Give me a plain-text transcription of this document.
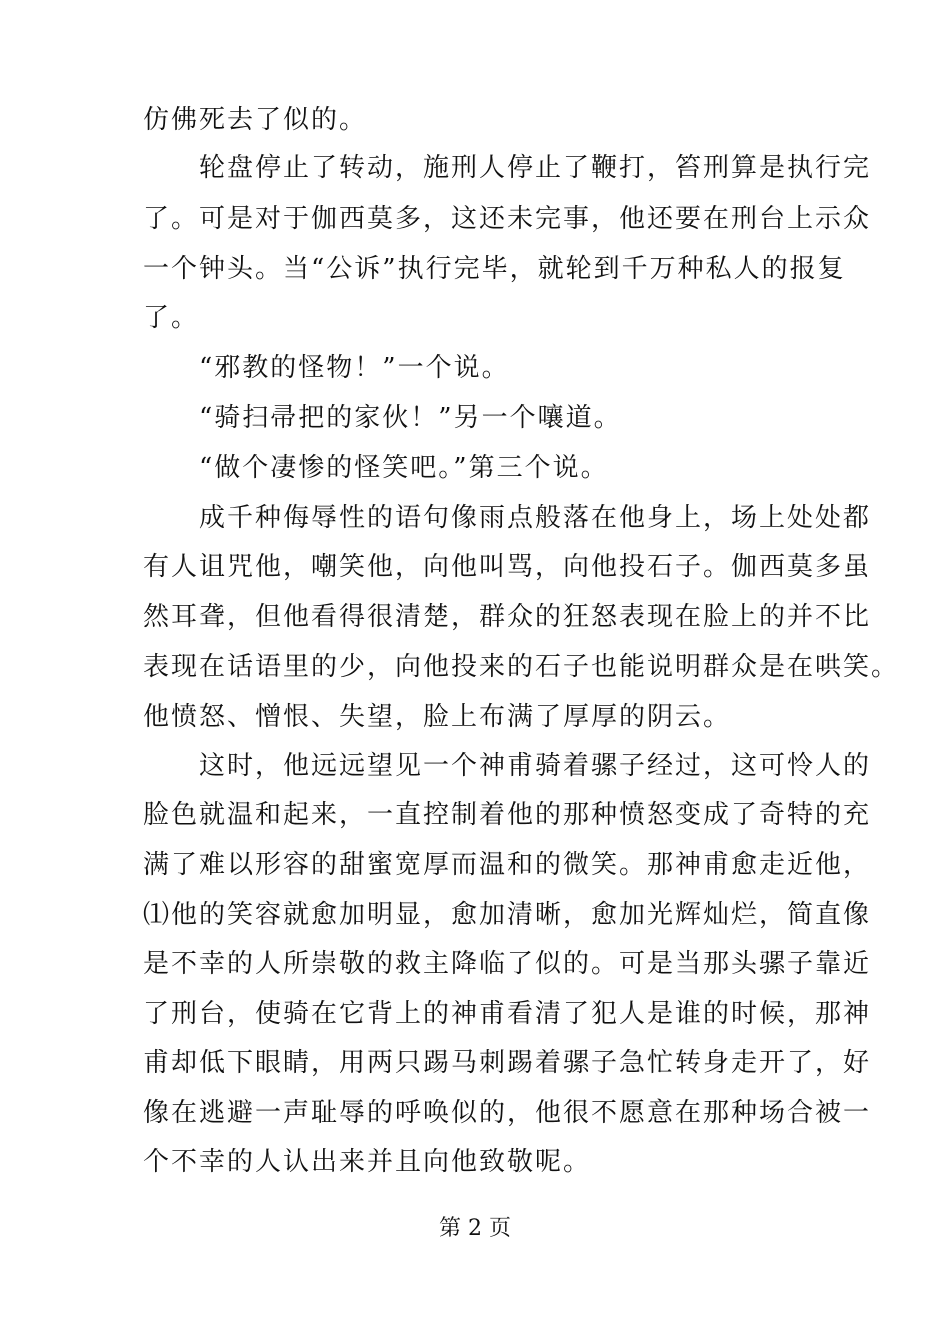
仿佛死去了似的。
　　轮盘停止了转动，施刑人停止了鞭打，笞刑算是执行完
了。可是对于伽西莫多，这还未完事，他还要在刑台上示众
一个钟头。当“公诉”执行完毕，就轮到千万种私人的报复
了。
　　“邪教的怪物！”一个说。
　　“骑扫帚把的家伙！”另一个嚷道。
　　“做个凄惨的怪笑吧。”第三个说。
　　成千种侮辱性的语句像雨点般落在他身上，场上处处都
有人诅咒他，嘲笑他，向他叫骂，向他投石子。伽西莫多虽
然耳聋，但他看得很清楚，群众的狂怒表现在脸上的并不比
表现在话语里的少，向他投来的石子也能说明群众是在哄笑。
他愤怒、憎恨、失望，脸上布满了厚厚的阴云。
　　这时，他远远望见一个神甫骑着骡子经过，这可怜人的
脸色就温和起来，一直控制着他的那种愤怒变成了奇特的充
满了难以形容的甜蜜宽厚而温和的微笑。那神甫愈走近他，
⑴他的笑容就愈加明显，愈加清晰，愈加光辉灿烂，简直像
是不幸的人所崇敬的救主降临了似的。可是当那头骡子靠近
了刑台，使骑在它背上的神甫看清了犯人是谁的时候，那神
甫却低下眼睛，用两只踢马刺踢着骡子急忙转身走开了，好
像在逃避一声耻辱的呼唤似的，他很不愿意在那种场合被一
个不幸的人认出来并且向他致敬呢。
第 2 页
